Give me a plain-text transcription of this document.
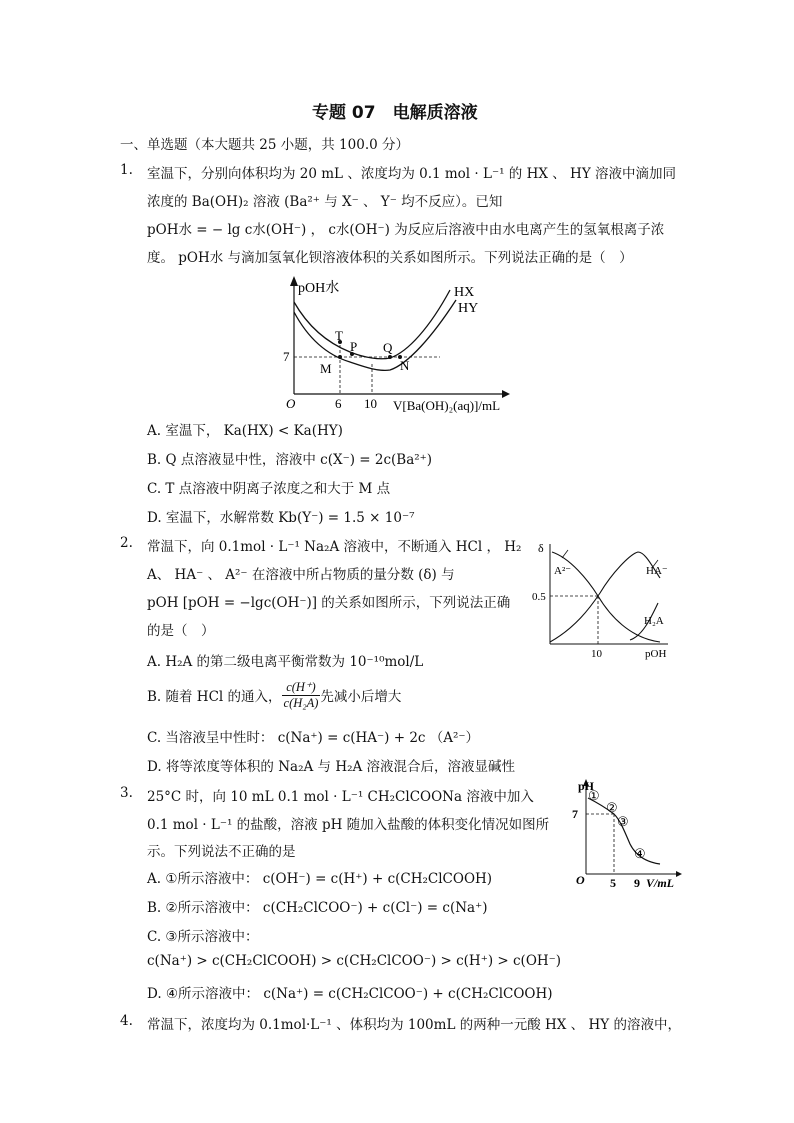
专题 07　电解质溶液
一、单选题（本大题共 25 小题，共 100.0 分）
1. 室温下，分别向体积均为 20 mL 、浓度均为 0.1 mol · L⁻¹ 的 HX 、 HY 溶液中滴加同
浓度的 Ba(OH)₂ 溶液 (Ba²⁺ 与 X⁻ 、 Y⁻ 均不反应）。已知
pOH水 = − lg c水(OH⁻) ， c水(OH⁻) 为反应后溶液中由水电离产生的氢氧根离子浓
度。 pOH水 与滴加氢氧化钡溶液体积的关系如图所示。下列说法正确的是（　）
pOH水
7
O	6 10 V[Ba(OH)₂(aq)]/mL
HX
HY
T
P Q
M	N
A. 室温下， Ka(HX) < Ka(HY)
B. Q 点溶液显中性，溶液中 c(X⁻) = 2c(Ba²⁺)
C. T 点溶液中阴离子浓度之和大于 M 点
D. 室温下，水解常数 Kb(Y⁻) = 1.5 × 10⁻⁷
2. 常温下，向 0.1mol · L⁻¹ Na₂A 溶液中，不断通入 HCl ， H₂
A、 HA⁻ 、 A²⁻ 在溶液中所占物质的量分数 (δ) 与
pOH [pOH = −lgc(OH⁻)] 的关系如图所示，下列说法正确
的是（　）
δ
0.5
10	pOH
A²⁻	HA⁻
H₂A
A. H₂A 的第二级电离平衡常数为 10⁻¹⁰mol/L
B. 随着 HCl 的通入， $\frac{c(H^+)}{\text{c(H₂A)}}$ 先减小后增大
C. 当溶液呈中性时： c(Na⁺) = c(HA⁻) + 2c （A²⁻）
D. 将等浓度等体积的 Na₂A 与 H₂A 溶液混合后，溶液显碱性
3. 25°C 时，向 10 mL 0.1 mol · L⁻¹ CH₂ClCOONa 溶液中加入
0.1 mol · L⁻¹ 的盐酸，溶液 pH 随加入盐酸的体积变化情况如图所
示。下列说法不正确的是
pH
7
O 5 9 V/mL
①
②
③
④
A. ①所示溶液中： c(OH⁻) = c(H⁺) + c(CH₂ClCOOH)
B. ②所示溶液中： c(CH₂ClCOO⁻) + c(Cl⁻) = c(Na⁺)
C. ③所示溶液中：
c(Na⁺) > c(CH₂ClCOOH) > c(CH₂ClCOO⁻) > c(H⁺) > c(OH⁻)
D. ④所示溶液中： c(Na⁺) = c(CH₂ClCOO⁻) + c(CH₂ClCOOH)
4. 常温下，浓度均为 0.1mol·L⁻¹ 、体积均为 100mL 的两种一元酸 HX 、 HY 的溶液中，
